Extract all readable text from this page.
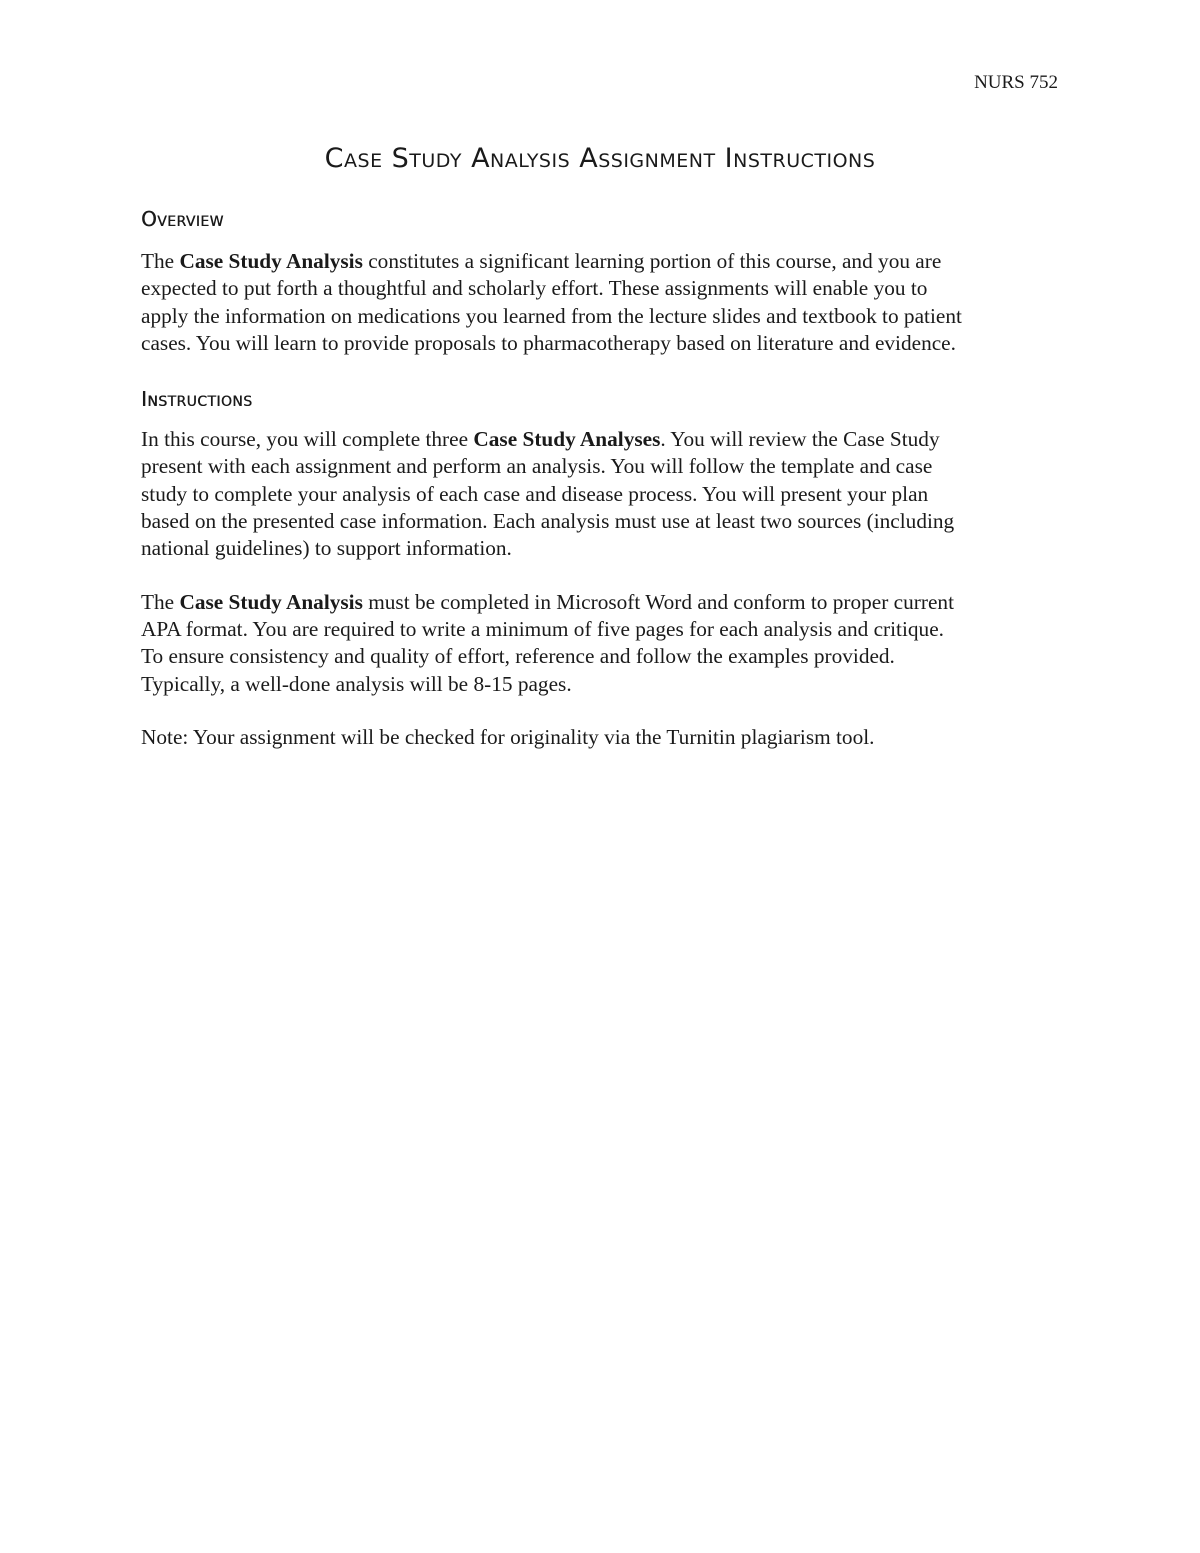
NURS 752
Case Study Analysis Assignment Instructions
Overview

The Case Study Analysis constitutes a significant learning portion of this course, and you are
expected to put forth a thoughtful and scholarly effort. These assignments will enable you to
apply the information on medications you learned from the lecture slides and textbook to patient
cases. You will learn to provide proposals to pharmacotherapy based on literature and evidence.

Instructions

In this course, you will complete three Case Study Analyses. You will review the Case Study
present with each assignment and perform an analysis. You will follow the template and case
study to complete your analysis of each case and disease process. You will present your plan
based on the presented case information. Each analysis must use at least two sources (including
national guidelines) to support information.

The Case Study Analysis must be completed in Microsoft Word and conform to proper current
APA format. You are required to write a minimum of five pages for each analysis and critique.
To ensure consistency and quality of effort, reference and follow the examples provided.
Typically, a well-done analysis will be 8-15 pages.

Note: Your assignment will be checked for originality via the Turnitin plagiarism tool.
